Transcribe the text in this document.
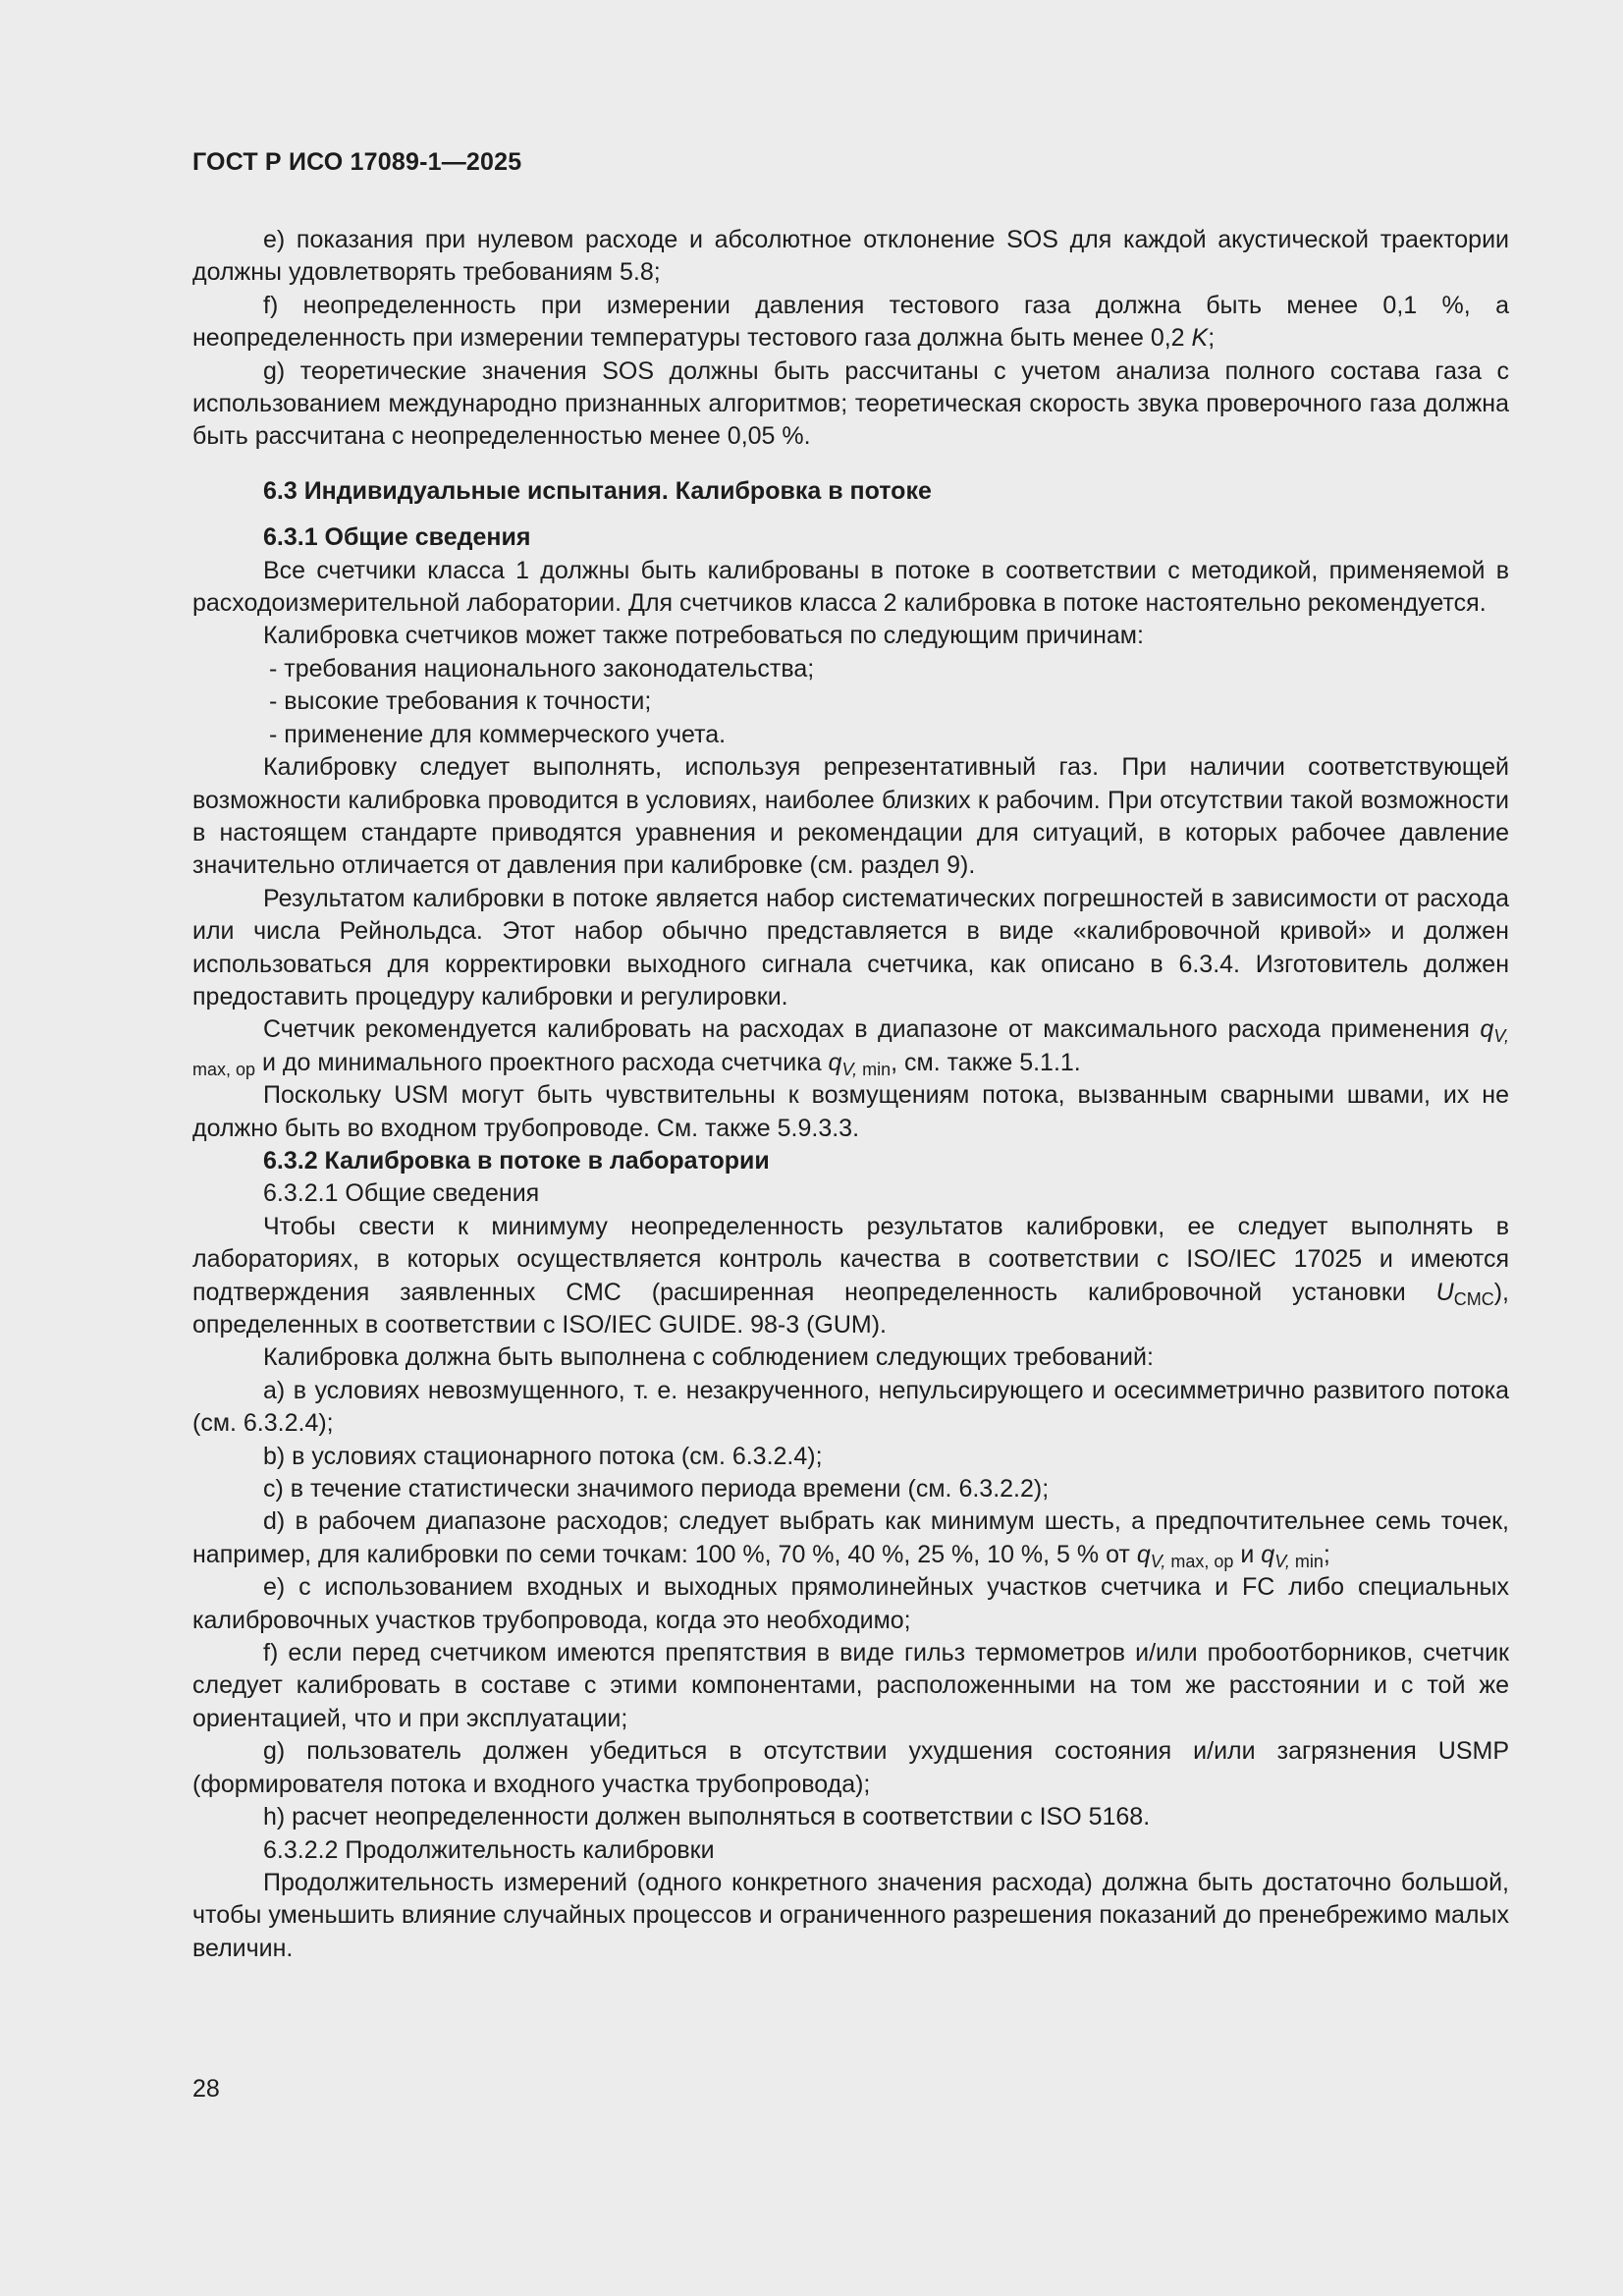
ГОСТ Р ИСО 17089-1—2025

е) показания при нулевом расходе и абсолютное отклонение SOS для каждой акустической траектории должны удовлетворять требованиям 5.8;

f) неопределенность при измерении давления тестового газа должна быть менее 0,1 %, а неопределенность при измерении температуры тестового газа должна быть менее 0,2 K;

g) теоретические значения SOS должны быть рассчитаны с учетом анализа полного состава газа с использованием международно признанных алгоритмов; теоретическая скорость звука проверочного газа должна быть рассчитана с неопределенностью менее 0,05 %.

6.3 Индивидуальные испытания. Калибровка в потоке

6.3.1 Общие сведения

Все счетчики класса 1 должны быть калиброваны в потоке в соответствии с методикой, применяемой в расходоизмерительной лаборатории. Для счетчиков класса 2 калибровка в потоке настоятельно рекомендуется.

Калибровка счетчиков может также потребоваться по следующим причинам:

- требования национального законодательства;

- высокие требования к точности;

- применение для коммерческого учета.

Калибровку следует выполнять, используя репрезентативный газ. При наличии соответствующей возможности калибровка проводится в условиях, наиболее близких к рабочим. При отсутствии такой возможности в настоящем стандарте приводятся уравнения и рекомендации для ситуаций, в которых рабочее давление значительно отличается от давления при калибровке (см. раздел 9).

Результатом калибровки в потоке является набор систематических погрешностей в зависимости от расхода или числа Рейнольдса. Этот набор обычно представляется в виде «калибровочной кривой» и должен использоваться для корректировки выходного сигнала счетчика, как описано в 6.3.4. Изготовитель должен предоставить процедуру калибровки и регулировки.

Счетчик рекомендуется калибровать на расходах в диапазоне от максимального расхода применения $q_{V, max, op}$ и до минимального проектного расхода счетчика $q_{V, min}$, см. также 5.1.1.

Поскольку USM могут быть чувствительны к возмущениям потока, вызванным сварными швами, их не должно быть во входном трубопроводе. См. также 5.9.3.3.

6.3.2 Калибровка в потоке в лаборатории

6.3.2.1 Общие сведения

Чтобы свести к минимуму неопределенность результатов калибровки, ее следует выполнять в лабораториях, в которых осуществляется контроль качества в соответствии с ISO/IEC 17025 и имеются подтверждения заявленных СМС (расширенная неопределенность калибровочной установки $U_{CMC}$), определенных в соответствии с ISO/IEC GUIDE. 98-3 (GUM).

Калибровка должна быть выполнена с соблюдением следующих требований:

a) в условиях невозмущенного, т. е. незакрученного, непульсирующего и осесимметрично развитого потока (см. 6.3.2.4);

b) в условиях стационарного потока (см. 6.3.2.4);

c) в течение статистически значимого периода времени (см. 6.3.2.2);

d) в рабочем диапазоне расходов; следует выбрать как минимум шесть, а предпочтительнее семь точек, например, для калибровки по семи точкам: 100 %, 70 %, 40 %, 25 %, 10 %, 5 % от $q_{V, max, op}$ и $q_{V, min}$;

e) с использованием входных и выходных прямолинейных участков счетчика и FC либо специальных калибровочных участков трубопровода, когда это необходимо;

f) если перед счетчиком имеются препятствия в виде гильз термометров и/или пробоотборников, счетчик следует калибровать в составе с этими компонентами, расположенными на том же расстоянии и с той же ориентацией, что и при эксплуатации;

g) пользователь должен убедиться в отсутствии ухудшения состояния и/или загрязнения USMP (формирователя потока и входного участка трубопровода);

h) расчет неопределенности должен выполняться в соответствии с ISO 5168.

6.3.2.2 Продолжительность калибровки

Продолжительность измерений (одного конкретного значения расхода) должна быть достаточно большой, чтобы уменьшить влияние случайных процессов и ограниченного разрешения показаний до пренебрежимо малых величин.

28
